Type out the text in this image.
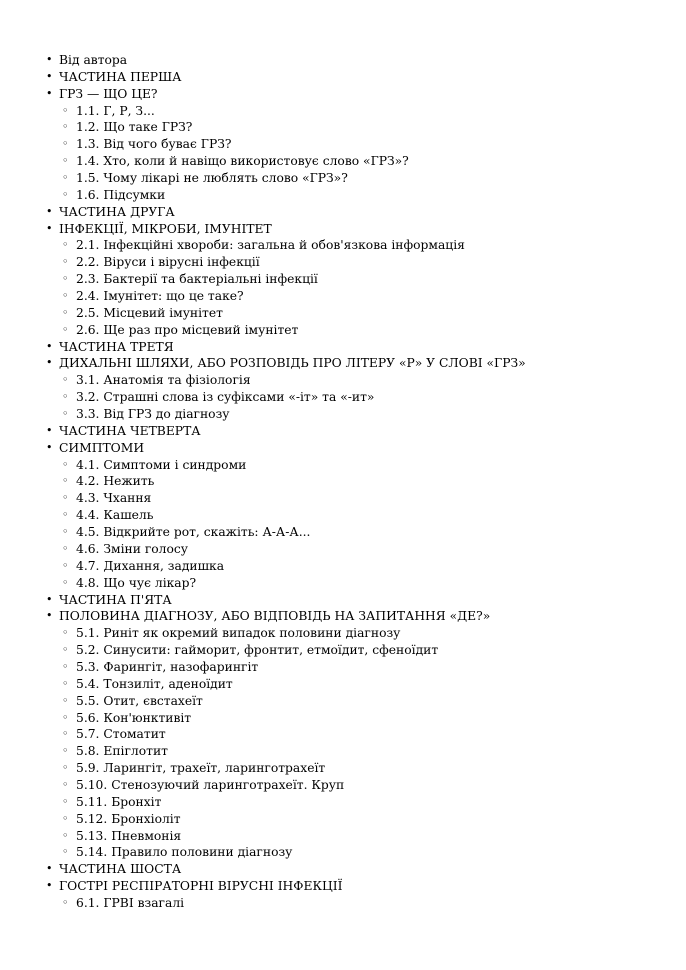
• Від автора
• ЧАСТИНА ПЕРША
• ГРЗ — ЩО ЦЕ?
◦ 1.1. Г, Р, З...
◦ 1.2. Що таке ГРЗ?
◦ 1.3. Від чого буває ГРЗ?
◦ 1.4. Хто, коли й навіщо використовує слово «ГРЗ»?
◦ 1.5. Чому лікарі не люблять слово «ГРЗ»?
◦ 1.6. Підсумки
• ЧАСТИНА ДРУГА
• ІНФЕКЦІЇ, МІКРОБИ, ІМУНІТЕТ
◦ 2.1. Інфекційні хвороби: загальна й обов'язкова інформація
◦ 2.2. Віруси і вірусні інфекції
◦ 2.3. Бактерії та бактеріальні інфекції
◦ 2.4. Імунітет: що це таке?
◦ 2.5. Місцевий імунітет
◦ 2.6. Ще раз про місцевий імунітет
• ЧАСТИНА ТРЕТЯ
• ДИХАЛЬНІ ШЛЯХИ, АБО РОЗПОВІДЬ ПРО ЛІТЕРУ «Р» У СЛОВІ «ГРЗ»
◦ 3.1. Анатомія та фізіологія
◦ 3.2. Страшні слова із суфіксами «-іт» та «-ит»
◦ 3.3. Від ГРЗ до діагнозу
• ЧАСТИНА ЧЕТВЕРТА
• СИМПТОМИ
◦ 4.1. Симптоми і синдроми
◦ 4.2. Нежить
◦ 4.3. Чхання
◦ 4.4. Кашель
◦ 4.5. Відкрийте рот, скажіть: А-А-А...
◦ 4.6. Зміни голосу
◦ 4.7. Дихання, задишка
◦ 4.8. Що чує лікар?
• ЧАСТИНА П'ЯТА
• ПОЛОВИНА ДІАГНОЗУ, АБО ВІДПОВІДЬ НА ЗАПИТАННЯ «ДЕ?»
◦ 5.1. Риніт як окремий випадок половини діагнозу
◦ 5.2. Синусити: гайморит, фронтит, етмоїдит, сфеноїдит
◦ 5.3. Фарингіт, назофарингіт
◦ 5.4. Тонзиліт, аденоїдит
◦ 5.5. Отит, євстахеїт
◦ 5.6. Кон'юнктивіт
◦ 5.7. Стоматит
◦ 5.8. Епіглотит
◦ 5.9. Ларингіт, трахеїт, ларинготрахеїт
◦ 5.10. Стенозуючий ларинготрахеїт. Круп
◦ 5.11. Бронхіт
◦ 5.12. Бронхіоліт
◦ 5.13. Пневмонія
◦ 5.14. Правило половини діагнозу
• ЧАСТИНА ШОСТА
• ГОСТРІ РЕСПІРАТОРНІ ВІРУСНІ ІНФЕКЦІЇ
◦ 6.1. ГРВІ взагалі
